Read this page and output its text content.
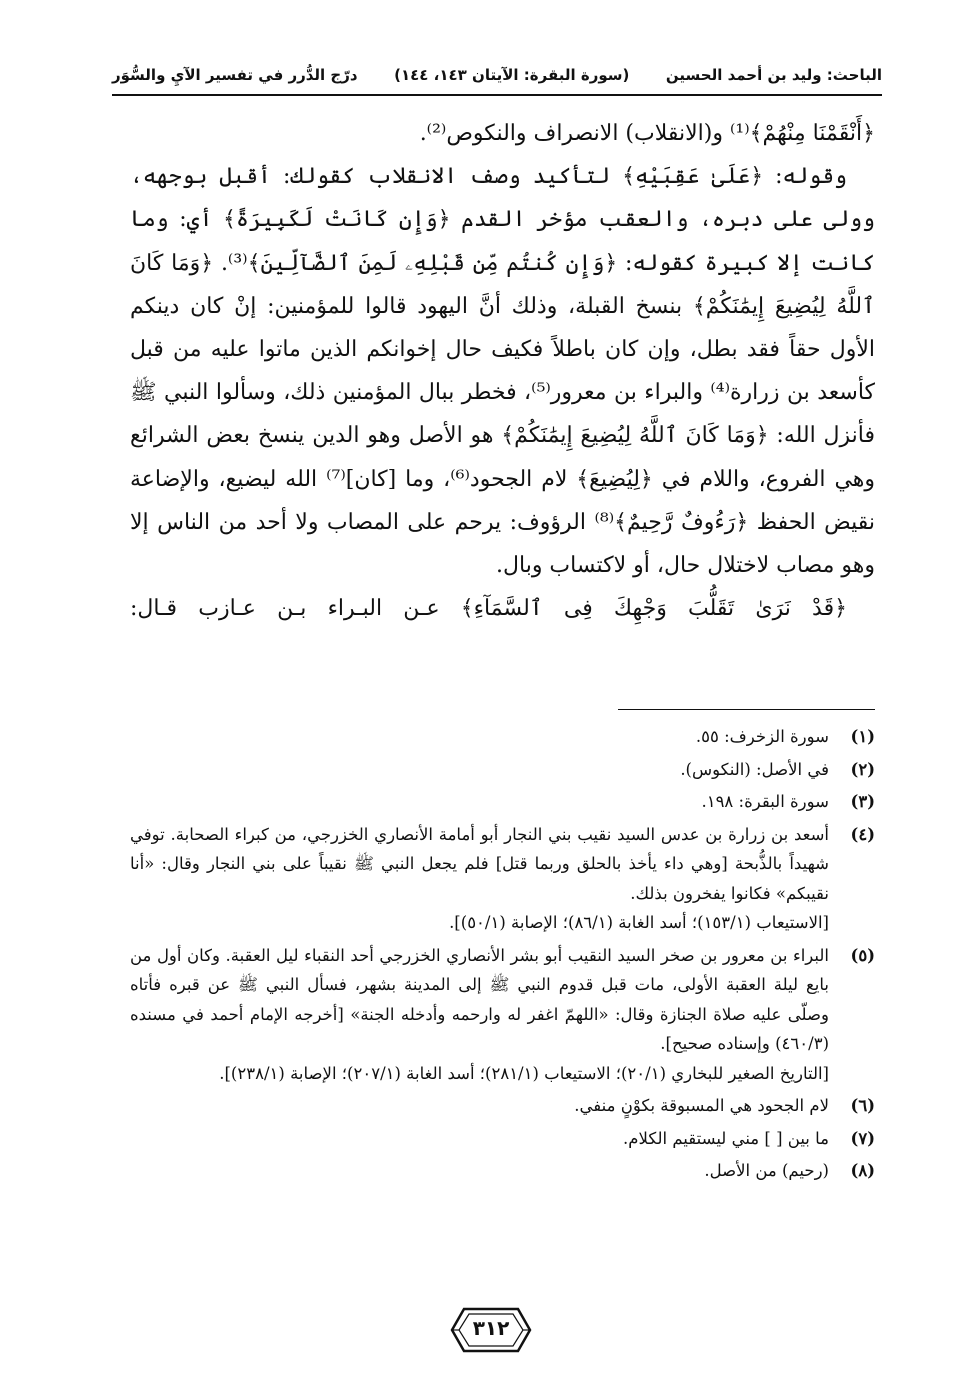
الباحث: وليد بن أحمد الحسين
(سورة البقرة: الآيتان ١٤٣، ١٤٤)
درّج الدُّرر في تفسير الآيِ والسُّوَر

﴿أَنْقَمْنَا مِنْهُمْ﴾⁽¹⁾ و(الانقلاب) الانصراف والنكوص⁽²⁾.

وقوله: ﴿عَلَىٰ عَقِبَيْهِ﴾ لتأكيد وصف الانقلاب كقولك: أقبل بوجهه، وولى على دبره، والعقب مؤخر القدم ﴿وَإِن كَانَتْ لَكَبِيرَةً﴾ أي: وما كانت إلا كبيرة كقوله: ﴿وَإِن كُنتُم مِّن قَبْلِهِۦ لَمِنَ ٱلضَّآلِّينَ﴾⁽³⁾. ﴿وَمَا كَانَ ٱللَّهُ لِيُضِيعَ إِيمَٰنَكُمْ﴾ بنسخ القبلة، وذلك أنَّ اليهود قالوا للمؤمنين: إنْ كان دينكم الأول حقاً فقد بطل، وإن كان باطلاً فكيف حال إخوانكم الذين ماتوا عليه من قبل كأسعد بن زرارة⁽⁴⁾ والبراء بن معرور⁽⁵⁾، فخطر ببال المؤمنين ذلك، وسألوا النبي ﷺ فأنزل الله: ﴿وَمَا كَانَ ٱللَّهُ لِيُضِيعَ إِيمَٰنَكُمْ﴾ هو الأصل وهو الدين ينسخ بعض الشرائع وهي الفروع، واللام في ﴿لِيُضِيعَ﴾ لام الجحود⁽⁶⁾، وما [كان]⁽⁷⁾ الله ليضيع، والإضاعة نقيض الحفظ ﴿رَءُوفٌ رَّحِيمٌ﴾⁽⁸⁾ الرؤوف: يرحم على المصاب ولا أحد من الناس إلا وهو مصاب لاختلال حال، أو لاكتساب وبال.

﴿قَدْ نَرَىٰ تَقَلُّبَ وَجْهِكَ فِى ٱلسَّمَآءِ﴾ عـن البـراء بـن عـازب قـال:

(١)
سورة الزخرف: ٥٥.
(٢)
في الأصل: (النكوس).
(٣)
سورة البقرة: ١٩٨.
(٤)
أسعد بن زرارة بن عدس السيد نقيب بني النجار أبو أمامة الأنصاري الخزرجي، من كبراء الصحابة. توفي شهيداً بالذُّبحة [وهي داء يأخذ بالحلق وربما قتل] فلم يجعل النبي ﷺ نقيباً على بني النجار وقال: «أنا نقيبكم» فكانوا يفخرون بذلك.
[الاستيعاب (١٥٣/١)؛ أسد الغابة (٨٦/١)؛ الإصابة (٥٠/١)].
(٥)
البراء بن معرور بن صخر السيد النقيب أبو بشر الأنصاري الخزرجي أحد النقباء ليل العقبة. وكان أول من بايع ليلة العقبة الأولى، مات قبل قدوم النبي ﷺ إلى المدينة بشهر، فسأل النبي ﷺ عن قبره فأتاه وصلّى عليه صلاة الجنازة وقال: «اللهمّ اغفر له وارحمه وأدخله الجنة» [أخرجه الإمام أحمد في مسنده (٤٦٠/٣) وإسناده صحيح].
[التاريخ الصغير للبخاري (٢٠/١)؛ الاستيعاب (٢٨١/١)؛ أسد الغابة (٢٠٧/١)؛ الإصابة (٢٣٨/١)].
(٦)
لام الجحود هي المسبوقة بكوْنٍ منفي.
(٧)
ما بين [ ] مني ليستقيم الكلام.
(٨)
(رحيم) من الأصل.
٣١٢
